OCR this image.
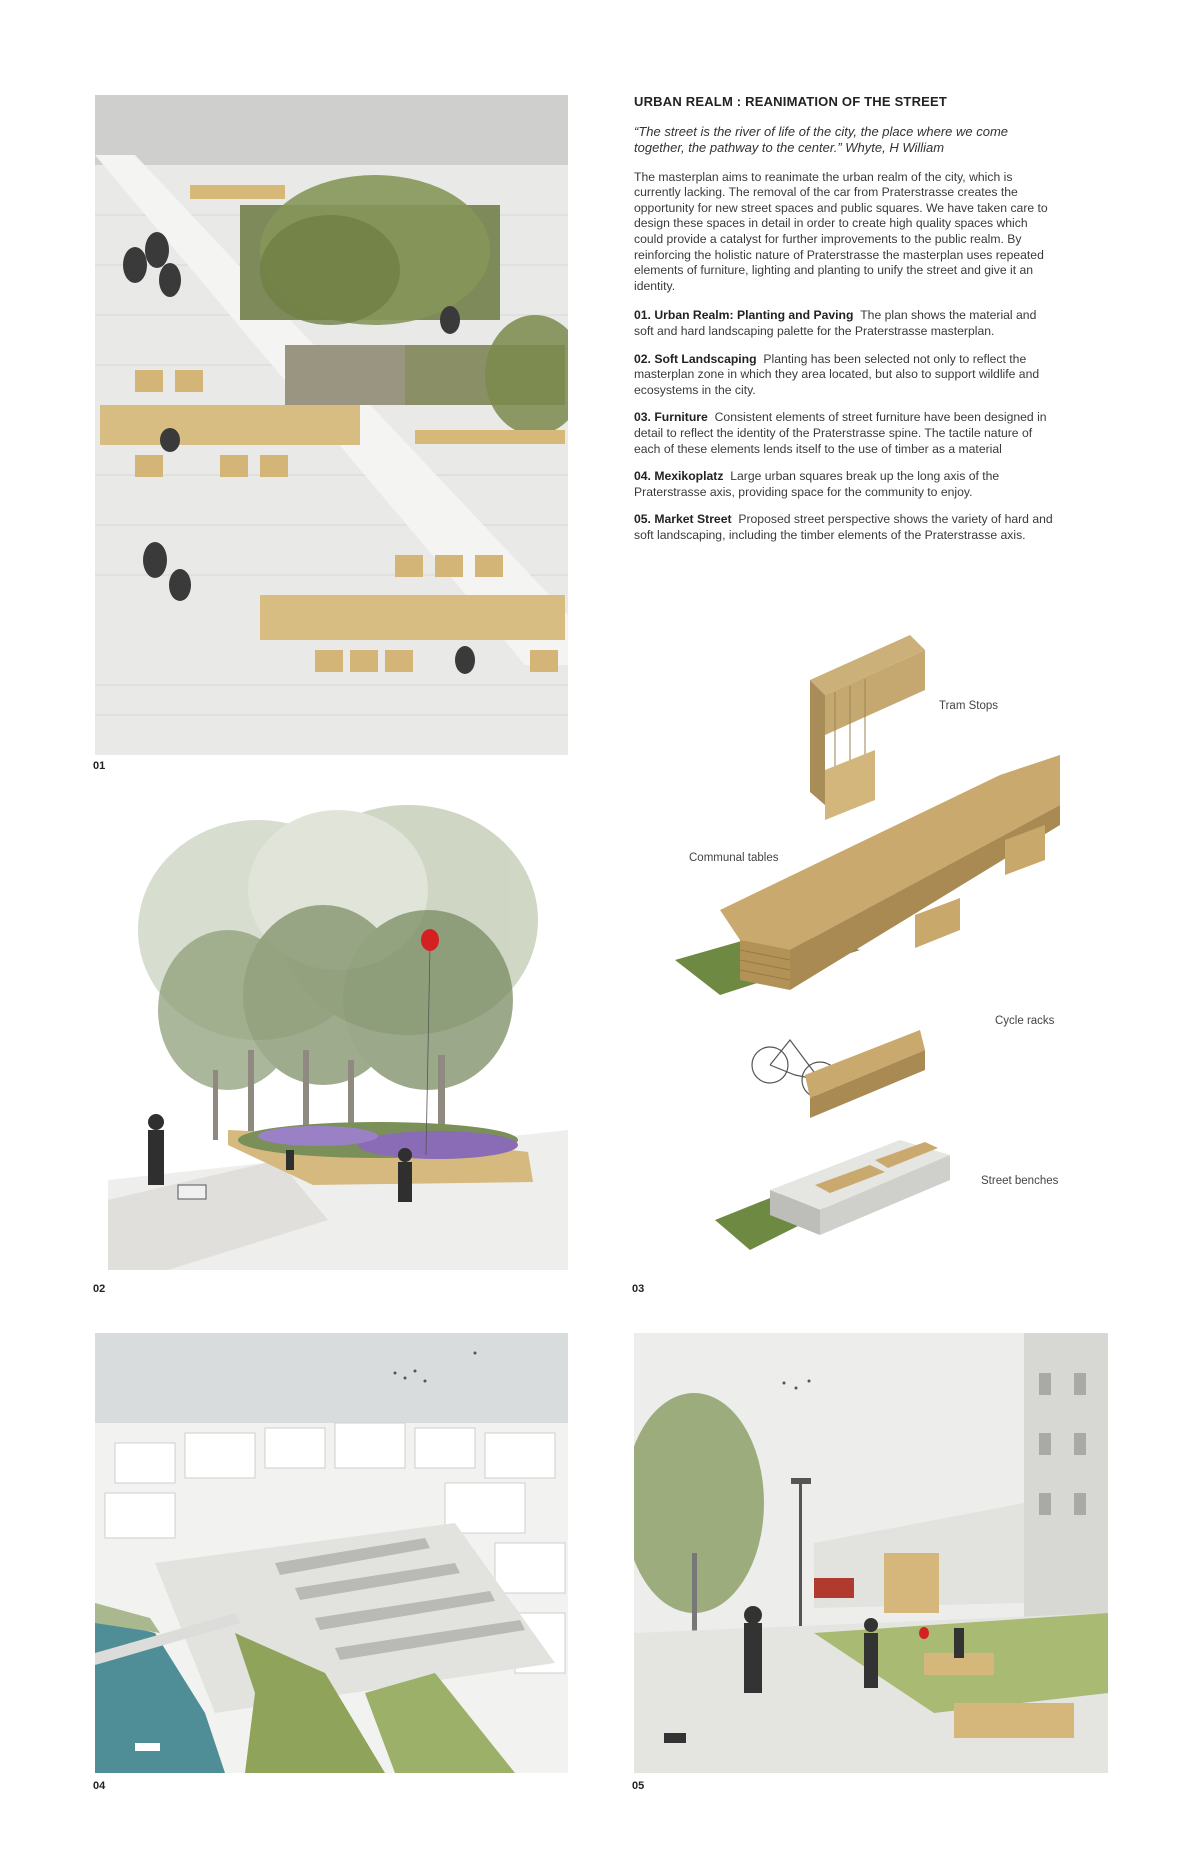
01
URBAN REALM : REANIMATION OF THE STREET

“The street is the river of life of the city, the place where we come together, the pathway to the center.” Whyte, H William

The masterplan aims to reanimate the urban realm of the city, which is currently lacking. The removal of the car from Praterstrasse creates the opportunity for new street spaces and public squares. We have taken care to design these spaces in detail in order to create high quality spaces which could provide a catalyst for further improvements to the public realm. By reinforcing the holistic nature of Praterstrasse the masterplan uses repeated elements of furniture, lighting and planting to unify the street and give it an identity.

01. Urban Realm: Planting and Paving The plan shows the material and soft and hard landscaping palette for the Praterstrasse masterplan.

02. Soft Landscaping Planting has been selected not only to reflect the masterplan zone in which they area located, but also to support wildlife and ecosystems in the city.

03. Furniture Consistent elements of street furniture have been designed in detail to reflect the identity of the Praterstrasse spine. The tactile nature of each of these elements lends itself to the use of timber as a material

04. Mexikoplatz Large urban squares break up the long axis of the Praterstrasse axis, providing space for the community to enjoy.

05. Market Street Proposed street perspective shows the variety of hard and soft landscaping, including the timber elements of the Praterstrasse axis.

02
Tram Stops
Communal tables
Cycle racks
Street benches
03
04	05
